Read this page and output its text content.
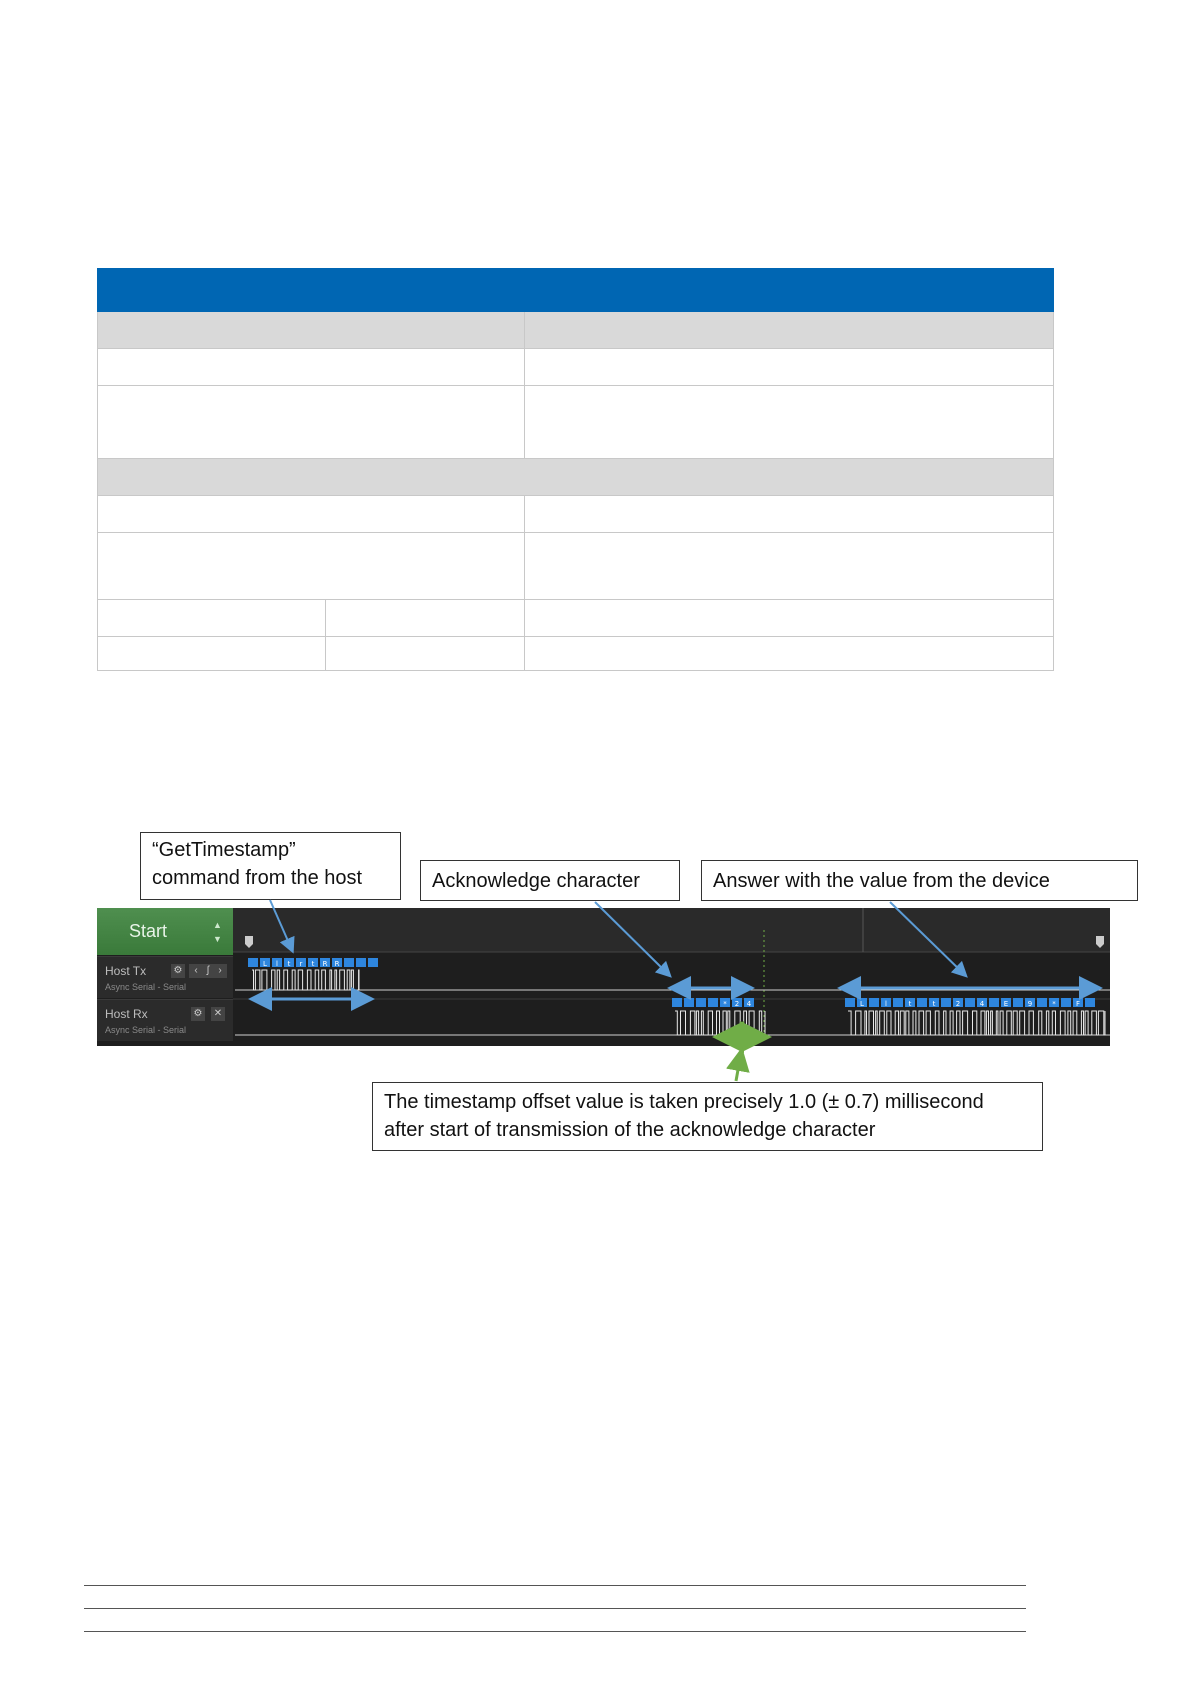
“GetTimestamp”
command from the host	Acknowledge character	Answer with the value from the device
Start	▲
▼
Host Tx
Async Serial - Serial
⚙	‹ ʃ ›
Host Rx
Async Serial - Serial
⚙ ✕
L l t r t R R
* 2 4	L	l	t	t	2	4	E	9	*	F
The timestamp offset value is taken precisely 1.0 (± 0.7) millisecond
after start of transmission of the acknowledge character
